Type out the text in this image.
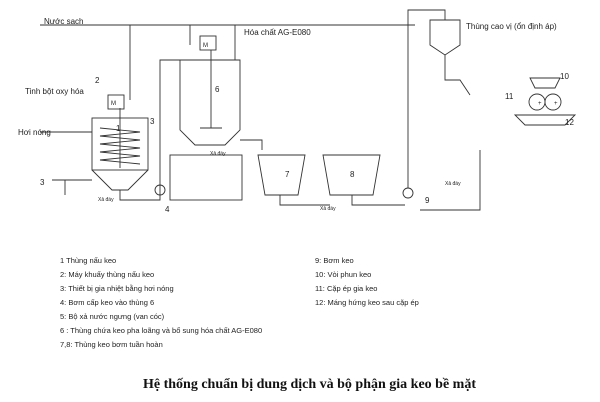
M
M
+ +
Nước sạch
Hóa chất AG-E080
Thùng cao vị (ổn định áp)
Tinh bột oxy hóa
Hơi nóng
2
1
3
3
4
6
7	8
9
10
11
12
Xả đáy
Xả đáy
Xả đáy
Xả đáy
1 Thùng nấu keo
2: Máy khuấy thùng nấu keo
3: Thiết bị gia nhiệt bằng hơi nóng
4: Bơm cấp keo vào thùng 6
5: Bộ xả nước ngưng (van cóc)
6 : Thùng chứa keo pha loãng và bổ sung hóa chất AG-E080
7,8: Thùng keo bơm tuần hoàn
9: Bơm keo
10: Vòi phun keo
11: Cặp ép gia keo
12: Máng hứng keo sau cặp ép
Hệ thống chuẩn bị dung dịch và bộ phận gia keo bề mặt
